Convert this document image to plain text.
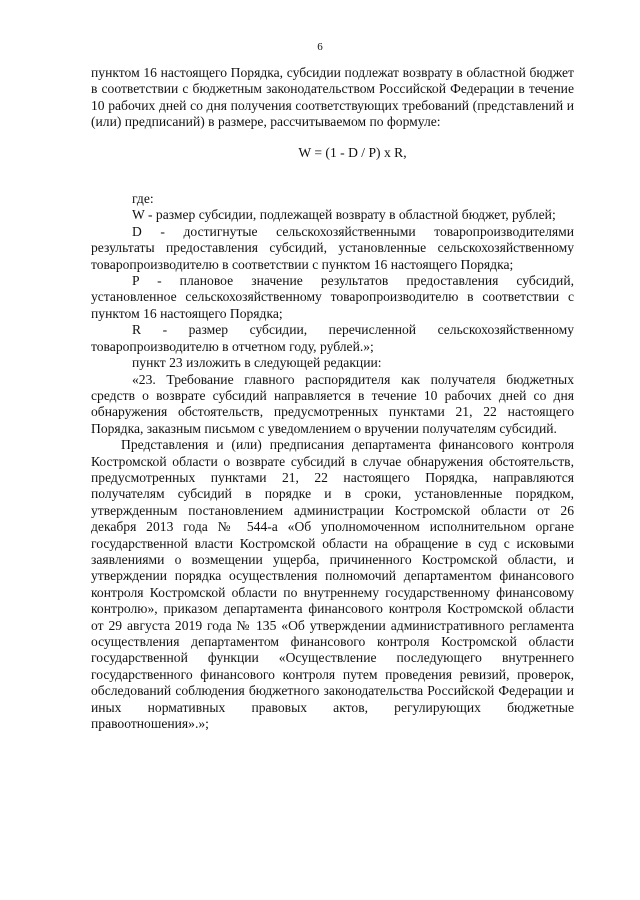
6

пунктом 16 настоящего Порядка, субсидии подлежат возврату в областной бюджет в соответствии с бюджетным законодательством Российской Федерации в течение 10 рабочих дней со дня получения соответствующих требований (представлений и (или) предписаний) в размере, рассчитываемом по формуле:

W = (1 - D / P) x R,

где:

W - размер субсидии, подлежащей возврату в областной бюджет, рублей;

D - достигнутые сельскохозяйственными товаропроизводителями результаты предоставления субсидий, установленные сельскохозяйственному товаропроизводителю в соответствии с пунктом 16 настоящего Порядка;

P - плановое значение результатов предоставления субсидий, установленное сельскохозяйственному товаропроизводителю в соответствии с пунктом 16 настоящего Порядка;

R - размер субсидии, перечисленной сельскохозяйственному товаропроизводителю в отчетном году, рублей.»;

пункт 23 изложить в следующей редакции:

«23. Требование главного распорядителя как получателя бюджетных средств о возврате субсидий направляется в течение 10 рабочих дней со дня обнаружения обстоятельств, предусмотренных пунктами 21, 22 настоящего Порядка, заказным письмом с уведомлением о вручении получателям субсидий.

Представления и (или) предписания департамента финансового контроля Костромской области о возврате субсидий в случае обнаружения обстоятельств, предусмотренных пунктами 21, 22 настоящего Порядка, направляются получателям субсидий в порядке и в сроки, установленные порядком, утвержденным постановлением администрации Костромской области от 26 декабря 2013 года № 544-а «Об уполномоченном исполнительном органе государственной власти Костромской области на обращение в суд с исковыми заявлениями о возмещении ущерба, причиненного Костромской области, и утверждении порядка осуществления полномочий департаментом финансового контроля Костромской области по внутреннему государственному финансовому контролю», приказом департамента финансового контроля Костромской области от 29 августа 2019 года № 135 «Об утверждении административного регламента осуществления департаментом финансового контроля Костромской области государственной функции «Осуществление последующего внутреннего государственного финансового контроля путем проведения ревизий, проверок, обследований соблюдения бюджетного законодательства Российской Федерации и иных нормативных правовых актов, регулирующих бюджетные правоотношения».»;
